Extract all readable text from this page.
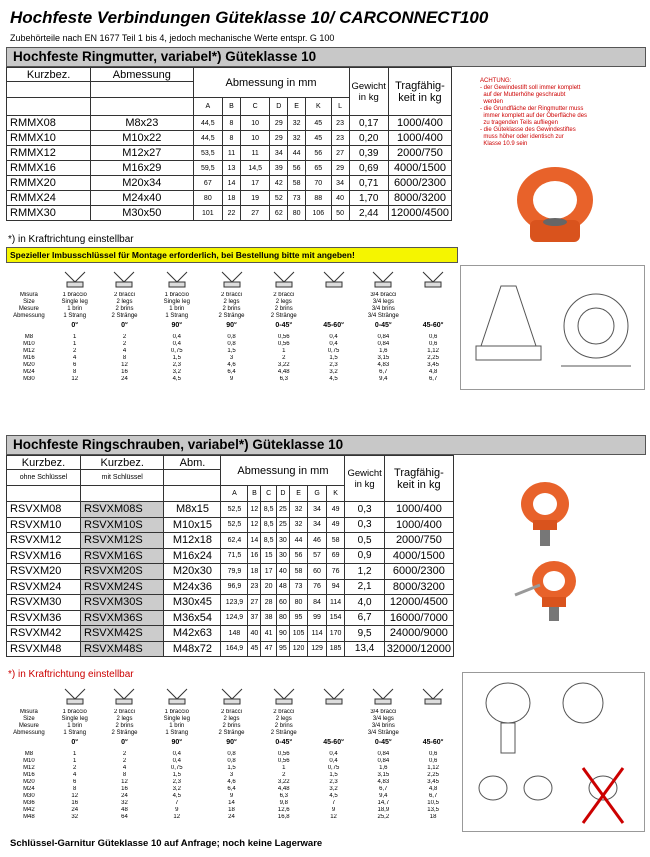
Hochfeste Verbindungen Güteklasse 10/ CARCONNECT100
Zubehörteile nach EN 1677 Teil 1 bis 4, jedoch mechanische Werte entspr. G 100
Hochfeste Ringmutter, variabel*) Güteklasse 10
Kurzbez.	Abmessung	Abmessung in mm							Gewicht in kg	Tragfähig- keit in kg

		A	B	C	D	E	K	L		
RMMX08	M8x23	44,5	8	10	29	32	45	23	0,17	1000/400
RMMX10	M10x22	44,5	8	10	29	32	45	23	0,20	1000/400
RMMX12	M12x27	53,5	11	11	34	44	56	27	0,39	2000/750
RMMX16	M16x29	59,5	13	14,5	39	56	65	29	0,69	4000/1500
RMMX20	M20x34	67	14	17	42	58	70	34	0,71	6000/2300
RMMX24	M24x40	80	18	19	52	73	88	40	1,70	8000/3200
RMMX30	M30x50	101	22	27	62	80	106	50	2,44	12000/4500
*) in Kraftrichtung einstellbar
ACHTUNG:
- der Gewindestift soll immer komplett
auf der Mutterhöhe geschraubt
werden
- die Grundfläche der Ringmutter muss
immer komplett auf der Oberfläche des
zu tragenden Teils aufliegen
- die Güteklasse des Gewindestiftes
muss höher oder identisch zur
Klasse 10.9 sein
Spezieller Imbusschlüssel für Montage erforderlich, bei Bestellung bitte mit angeben!
Misura
Size
Mesure
Abmessung
1 braccio
Single leg
1 brin
1 Strang
2 bracci
2 legs
2 brins
2 Stränge
1 braccio
Single leg
1 brin
1 Strang
2 bracci
2 legs
2 brins
2 Stränge
2 bracci
2 legs
2 brins
2 Stränge
3/4 bracci
3/4 legs
3/4 brins
3/4 Stränge
0°	0°	90°	90°	0-45°	45-60°	0-45°	45-60°
M8	1	2	0,4	0,8	0,56	0,4	0,84	0,6
M10	1	2	0,4	0,8	0,56	0,4	0,84	0,6
M12	2	4	0,75	1,5	1	0,75	1,6	1,12
M16	4	8	1,5	3	2	1,5	3,15	2,25
M20	6	12	2,3	4,6	3,22	2,3	4,83	3,45
M24	8	16	3,2	6,4	4,48	3,2	6,7	4,8
M30	12	24	4,5	9	6,3	4,5	9,4	6,7
Hochfeste Ringschrauben, variabel*) Güteklasse 10
Kurzbez.	Kurzbez.	Abm.	Abmessung in mm							Gewicht in kg	Tragfähig- keit in kg
ohne Schlüssel	mit Schlüssel										
			A	B	C	D	E	G	K		
RSVXM08	RSVXM08S	M8x15	52,5	12	8,5	25	32	34	49	0,3	1000/400
RSVXM10	RSVXM10S	M10x15	52,5	12	8,5	25	32	34	49	0,3	1000/400
RSVXM12	RSVXM12S	M12x18	62,4	14	8,5	30	44	46	58	0,5	2000/750
RSVXM16	RSVXM16S	M16x24	71,5	16	15	30	56	57	69	0,9	4000/1500
RSVXM20	RSVXM20S	M20x30	79,9	18	17	40	58	60	76	1,2	6000/2300
RSVXM24	RSVXM24S	M24x36	96,9	23	20	48	73	76	94	2,1	8000/3200
RSVXM30	RSVXM30S	M30x45	123,9	27	28	60	80	84	114	4,0	12000/4500
RSVXM36	RSVXM36S	M36x54	124,9	37	38	80	95	99	154	6,7	16000/7000
RSVXM42	RSVXM42S	M42x63	148	40	41	90	105	114	170	9,5	24000/9000
RSVXM48	RSVXM48S	M48x72	164,9	45	47	95	120	129	185	13,4	32000/12000
*) in Kraftrichtung einstellbar
Misura
Size
Mesure
Abmessung
1 braccio
Single leg
1 brin
1 Strang
2 bracci
2 legs
2 brins
2 Stränge
1 braccio
Single leg
1 brin
1 Strang
2 bracci
2 legs
2 brins
2 Stränge
2 bracci
2 legs
2 brins
2 Stränge
3/4 bracci
3/4 legs
3/4 brins
3/4 Stränge
0°	0°	90°	90°	0-45°	45-60°	0-45°	45-60°
M8	1	2	0,4	0,8	0,56	0,4	0,84	0,6
M10	1	2	0,4	0,8	0,56	0,4	0,84	0,6
M12	2	4	0,75	1,5	1	0,75	1,6	1,12
M16	4	8	1,5	3	2	1,5	3,15	2,25
M20	6	12	2,3	4,6	3,22	2,3	4,83	3,45
M24	8	16	3,2	6,4	4,48	3,2	6,7	4,8
M30	12	24	4,5	9	6,3	4,5	9,4	6,7
M36	16	32	7	14	9,8	7	14,7	10,5
M42	24	48	9	18	12,6	9	18,9	13,5
M48	32	64	12	24	16,8	12	25,2	18
Schlüssel-Garnitur Güteklasse 10 auf Anfrage; noch keine Lagerware
